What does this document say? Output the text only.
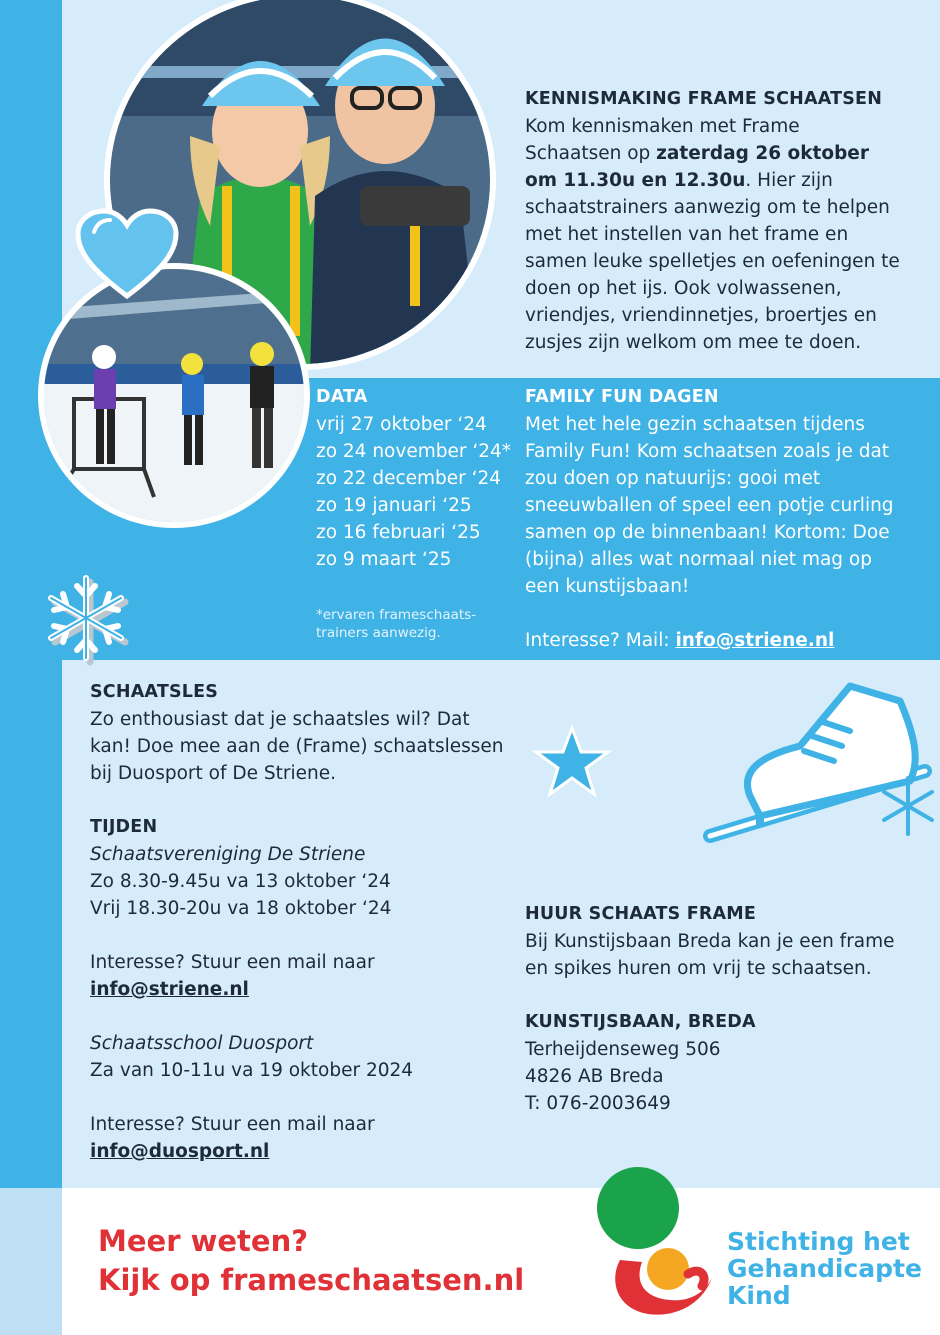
KENNISMAKING FRAME SCHAATSEN

Kom kennismaken met Frame

Schaatsen op zaterdag 26 oktober

om 11.30u en 12.30u. Hier zijn

schaatstrainers aanwezig om te helpen

met het instellen van het frame en

samen leuke spelletjes en oefeningen te

doen op het ijs. Ook volwassenen,

vriendjes, vriendinnetjes, broertjes en

zusjes zijn welkom om mee te doen.

DATA

vrij 27 oktober ‘24

zo 24 november ‘24*

zo 22 december ‘24

zo 19 januari ‘25

zo 16 februari ‘25

zo 9 maart ‘25

*ervaren frameschaats-
trainers aanwezig.

FAMILY FUN DAGEN

Met het hele gezin schaatsen tijdens

Family Fun! Kom schaatsen zoals je dat

zou doen op natuurijs: gooi met

sneeuwballen of speel een potje curling

samen op de binnenbaan! Kortom: Doe

(bijna) alles wat normaal niet mag op

een kunstijsbaan!

Interesse? Mail: info@striene.nl

SCHAATSLES

Zo enthousiast dat je schaatsles wil? Dat

kan! Doe mee aan de (Frame) schaatslessen

bij Duosport of De Striene.

TIJDEN

Schaatsvereniging De Striene

Zo 8.30-9.45u va 13 oktober ‘24

Vrij 18.30-20u va 18 oktober ‘24

Interesse? Stuur een mail naar

info@striene.nl

Schaatsschool Duosport

Za van 10-11u va 19 oktober 2024

Interesse? Stuur een mail naar

info@duosport.nl

HUUR SCHAATS FRAME

Bij Kunstijsbaan Breda kan je een frame

en spikes huren om vrij te schaatsen.

KUNSTIJSBAAN, BREDA

Terheijdenseweg 506

4826 AB Breda

T: 076-2003649

Meer weten?
Kijk op frameschaatsen.nl
Stichting het
Gehandicapte
Kind
